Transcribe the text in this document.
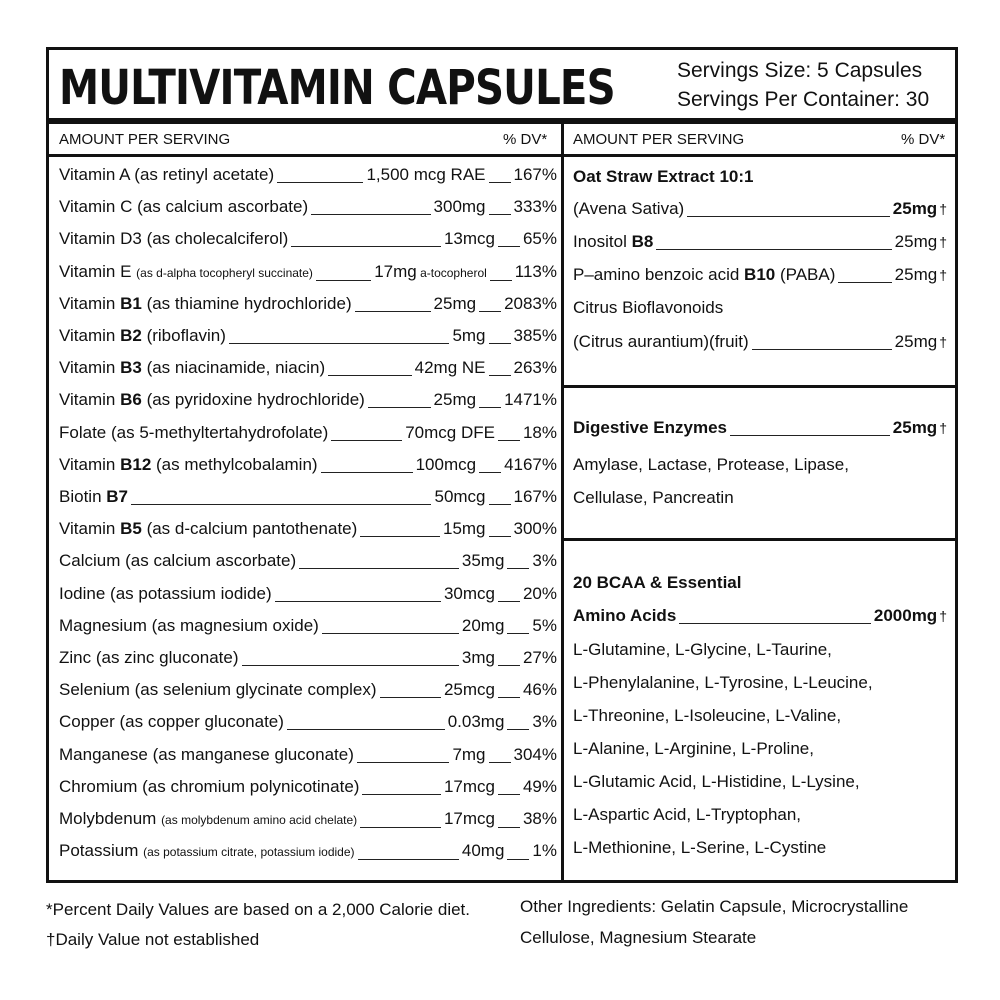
MULTIVITAMIN CAPSULES	Servings Size: 5 Capsules
Servings Per Container: 30
AMOUNT PER SERVING	% DV* AMOUNT PER SERVING	% DV*
Vitamin A (as retinyl acetate)	1,500 mcg RAE 167%
Vitamin C (as calcium ascorbate)	300mg 333%
Vitamin D3 (as cholecalciferol)	13mcg 65%
Vitamin E (as d-alpha tocopheryl succinate)	17mg a-tocopherol 113%
Vitamin B1 (as thiamine hydrochloride)	25mg 2083%
Vitamin B2 (riboflavin)	5mg 385%
Vitamin B3 (as niacinamide, niacin)	42mg NE 263%
Vitamin B6 (as pyridoxine hydrochloride)	25mg 1471%
Folate (as 5-methyltertahydrofolate)	70mcg DFE 18%
Vitamin B12 (as methylcobalamin)	100mcg 4167%
Biotin B7	50mcg 167%
Vitamin B5 (as d-calcium pantothenate)	15mg 300%
Calcium (as calcium ascorbate)	35mg 3%
Iodine (as potassium iodide)	30mcg 20%
Magnesium (as magnesium oxide)	20mg 5%
Zinc (as zinc gluconate)	3mg 27%
Selenium (as selenium glycinate complex)	25mcg 46%
Copper (as copper gluconate)	0.03mg 3%
Manganese (as manganese gluconate)	7mg 304%
Chromium (as chromium polynicotinate)	17mcg 49%
Molybdenum (as molybdenum amino acid chelate)	17mcg 38%
Potassium (as potassium citrate, potassium iodide)	40mg 1%
Oat Straw Extract 10:1
(Avena Sativa)	25mg †
Inositol B8	25mg †
P–amino benzoic acid B10 (PABA)	25mg †
Citrus Bioflavonoids
(Citrus aurantium)(fruit)	25mg †
Digestive Enzymes	25mg †
Amylase, Lactase, Protease, Lipase,
Cellulase, Pancreatin
20 BCAA & Essential
Amino Acids	2000mg †
L-Glutamine, L-Glycine, L-Taurine,
L-Phenylalanine, L-Tyrosine, L-Leucine,
L-Threonine, L-Isoleucine, L-Valine,
L-Alanine, L-Arginine, L-Proline,
L-Glutamic Acid, L-Histidine, L-Lysine,
L-Aspartic Acid, L-Tryptophan,
L-Methionine, L-Serine, L-Cystine
*Percent Daily Values are based on a 2,000 Calorie diet.
†Daily Value not established
Other Ingredients: Gelatin Capsule, Microcrystalline
Cellulose, Magnesium Stearate
